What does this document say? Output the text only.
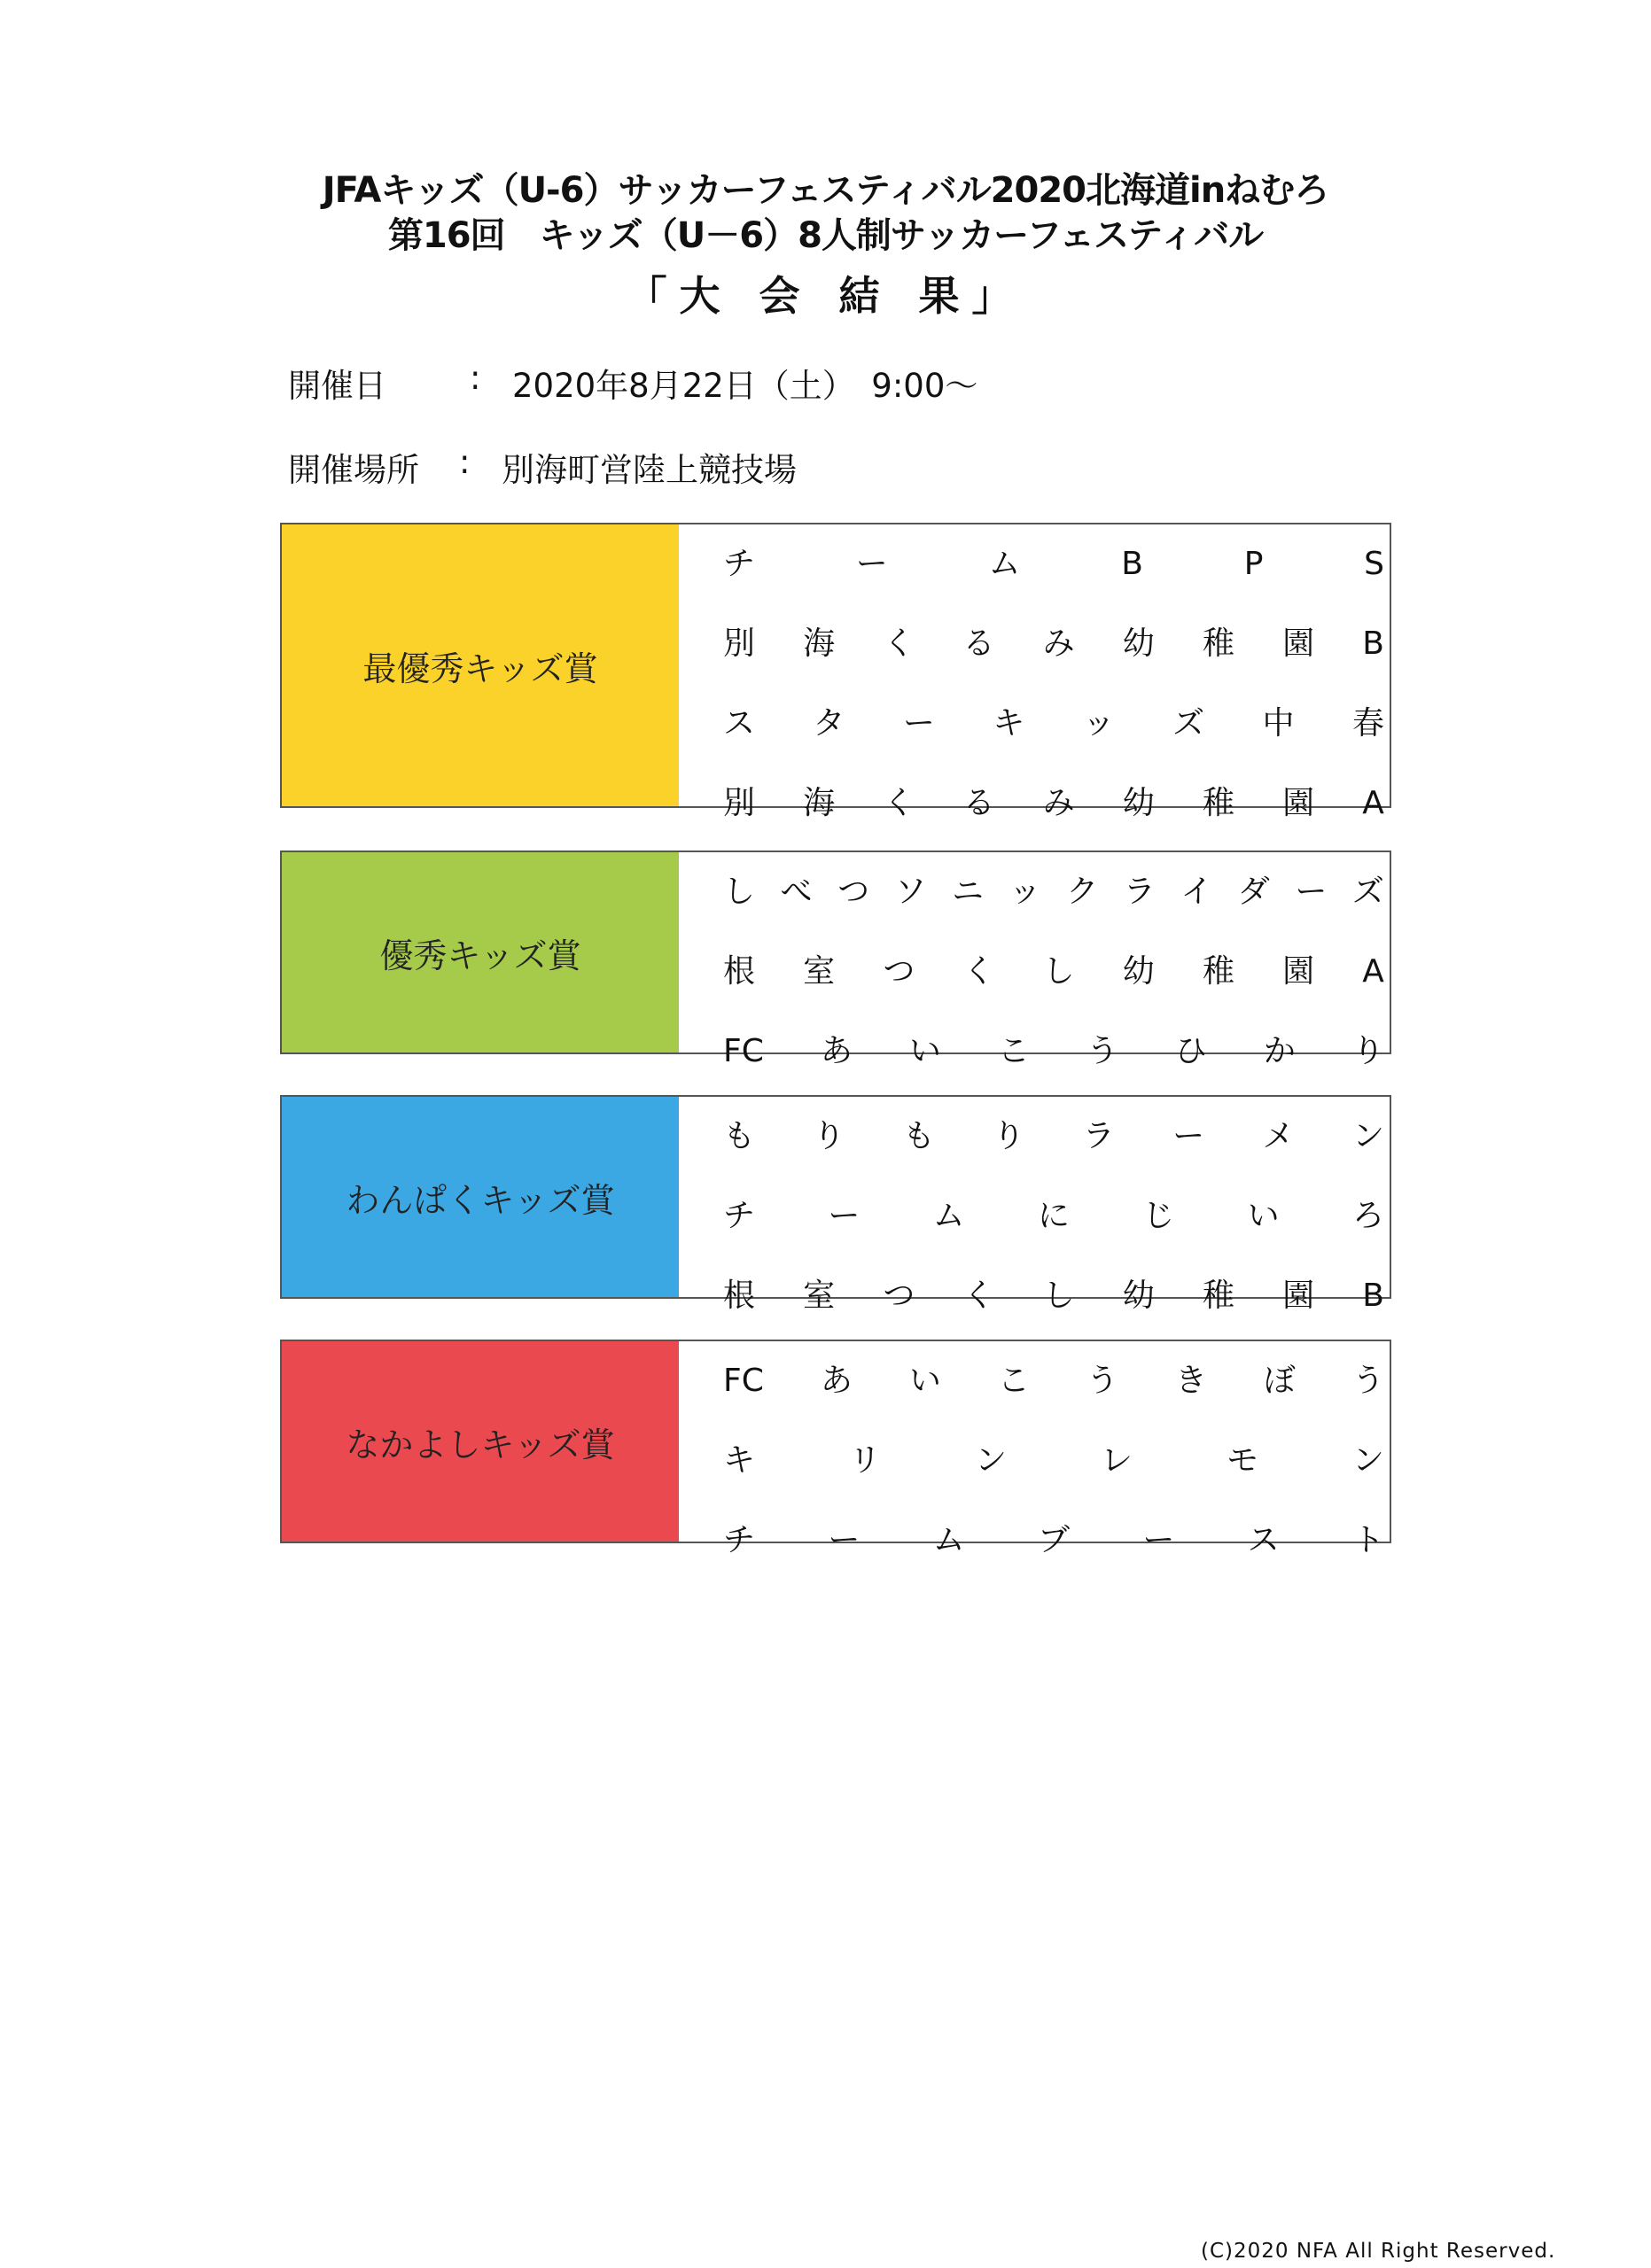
JFAキッズ（U-6）サッカーフェスティバル2020北海道inねむろ
第16回　キッズ（U－6）8人制サッカーフェスティバル
「大 会 結 果」
開催日	: 2020年8月22日（土）　9:00～
開催場所 : 別海町営陸上競技場
最優秀キッズ賞
チ	ー	ム	B	P	S
別 海 く る み 幼 稚 園 B
ス タ ー キ ッ ズ 中 春
別 海 く る み 幼 稚 園 A
優秀キッズ賞
し べ つ ソ ニ ッ ク ラ イ ダ ー ズ
根 室 つ く し 幼 稚 園 A
FC あ い こ う ひ か り
わんぱくキッズ賞
も り も り ラ ー メ ン
チ ー ム に じ い ろ
根 室 つ く し 幼 稚 園 B
なかよしキッズ賞
FC あ い こ う き ぼ う
キ	リ	ン	レ	モ	ン
チ ー ム ブ ー ス ト
(C)2020 NFA All Right Reserved.
